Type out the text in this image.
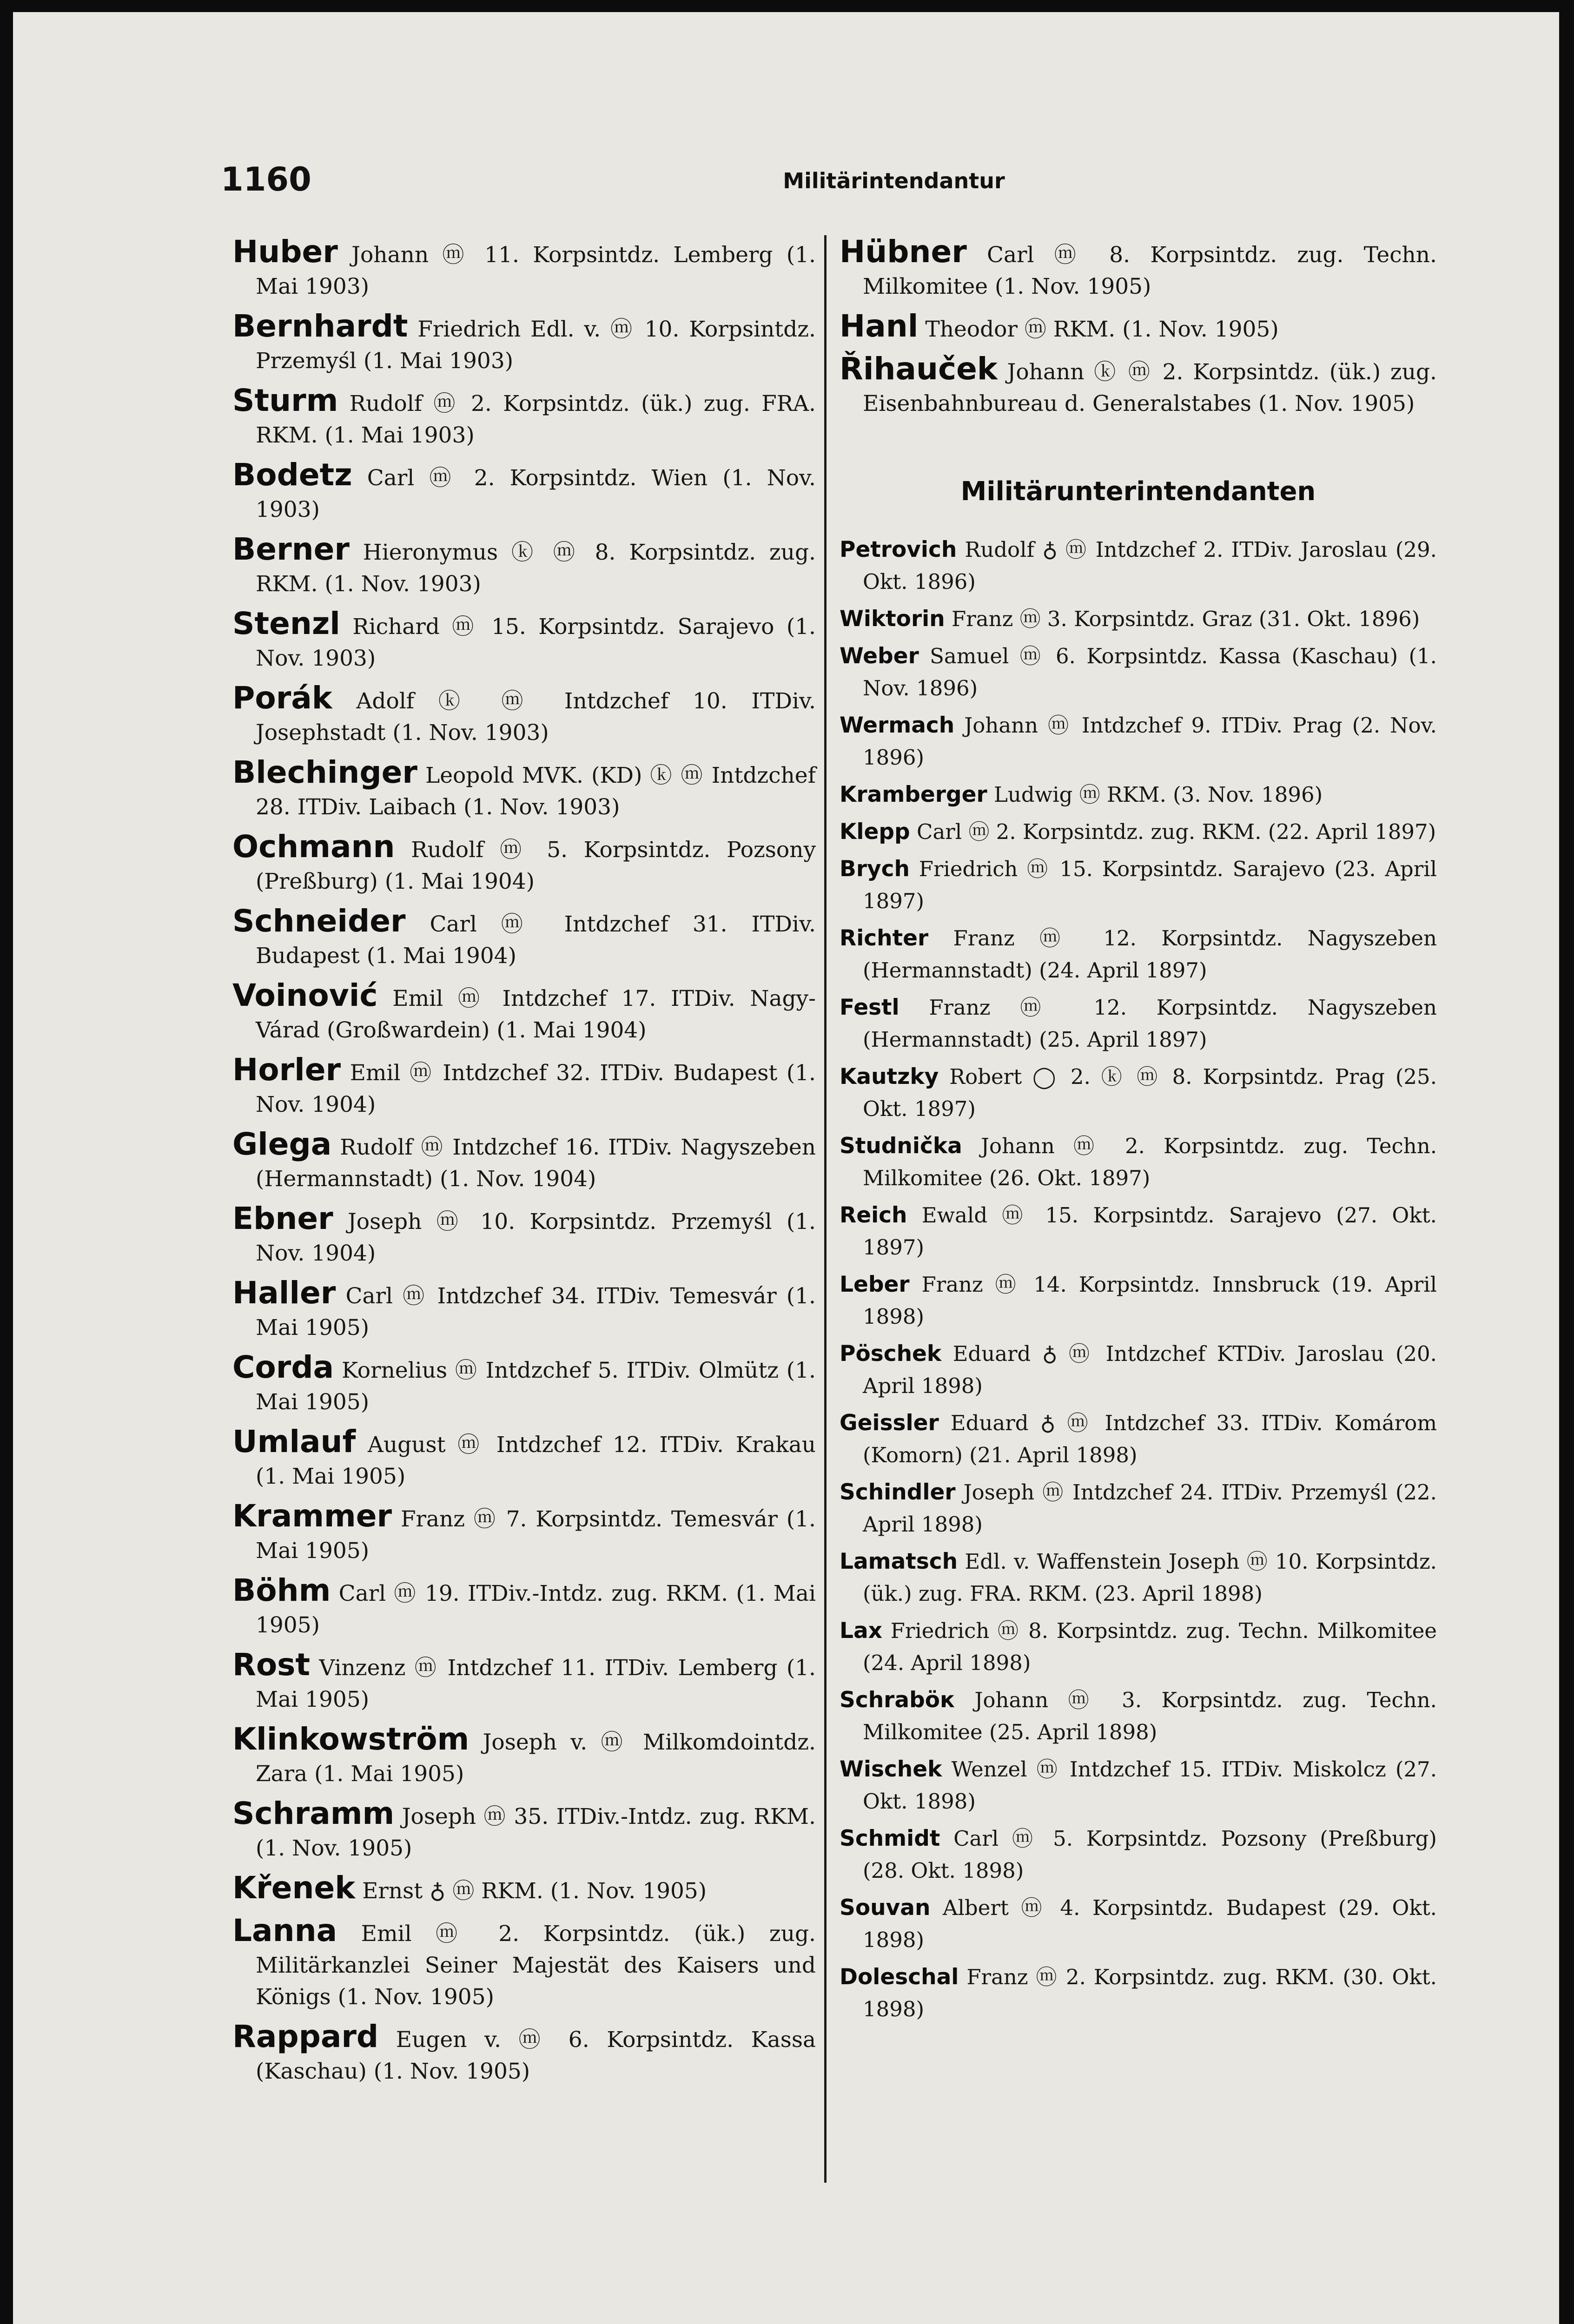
1160	Militärintendantur

Huber Johann ⓜ 11. Korpsintdz. Lemberg (1. Mai 1903)

Bernhardt Friedrich Edl. v. ⓜ 10. Korpsintdz. Przemyśl (1. Mai 1903)

Sturm Rudolf ⓜ 2. Korpsintdz. (ük.) zug. FRA. RKM. (1. Mai 1903)

Bodetz Carl ⓜ 2. Korpsintdz. Wien (1. Nov. 1903)

Berner Hieronymus ⓚ ⓜ 8. Korpsintdz. zug. RKM. (1. Nov. 1903)

Stenzl Richard ⓜ 15. Korpsintdz. Sarajevo (1. Nov. 1903)

Porák Adolf ⓚ ⓜ Intdzchef 10. ITDiv. Josephstadt (1. Nov. 1903)

Blechinger Leopold MVK. (KD) ⓚ ⓜ Intdzchef 28. ITDiv. Laibach (1. Nov. 1903)

Ochmann Rudolf ⓜ 5. Korpsintdz. Pozsony (Preßburg) (1. Mai 1904)

Schneider Carl ⓜ Intdzchef 31. ITDiv. Budapest (1. Mai 1904)

Voinović Emil ⓜ Intdzchef 17. ITDiv. Nagy-Várad (Großwardein) (1. Mai 1904)

Horler Emil ⓜ Intdzchef 32. ITDiv. Budapest (1. Nov. 1904)

Glega Rudolf ⓜ Intdzchef 16. ITDiv. Nagyszeben (Hermannstadt) (1. Nov. 1904)

Ebner Joseph ⓜ 10. Korpsintdz. Przemyśl (1. Nov. 1904)

Haller Carl ⓜ Intdzchef 34. ITDiv. Temesvár (1. Mai 1905)

Corda Kornelius ⓜ Intdzchef 5. ITDiv. Olmütz (1. Mai 1905)

Umlauf August ⓜ Intdzchef 12. ITDiv. Krakau (1. Mai 1905)

Krammer Franz ⓜ 7. Korpsintdz. Temesvár (1. Mai 1905)

Böhm Carl ⓜ 19. ITDiv.-Intdz. zug. RKM. (1. Mai 1905)

Rost Vinzenz ⓜ Intdzchef 11. ITDiv. Lemberg (1. Mai 1905)

Klinkowström Joseph v. ⓜ Milkomdointdz. Zara (1. Mai 1905)

Schramm Joseph ⓜ 35. ITDiv.-Intdz. zug. RKM. (1. Nov. 1905)

Křenek Ernst ♁ ⓜ RKM. (1. Nov. 1905)

Lanna Emil ⓜ 2. Korpsintdz. (ük.) zug. Militärkanzlei Seiner Majestät des Kaisers und Königs (1. Nov. 1905)

Rappard Eugen v. ⓜ 6. Korpsintdz. Kassa (Kaschau) (1. Nov. 1905)

Hübner Carl ⓜ 8. Korpsintdz. zug. Techn. Milkomitee (1. Nov. 1905)

Hanl Theodor ⓜ RKM. (1. Nov. 1905)

Řihauček Johann ⓚ ⓜ 2. Korpsintdz. (ük.) zug. Eisenbahnbureau d. Generalstabes (1. Nov. 1905)

Militärunterintendanten

Petrovich Rudolf ♁ ⓜ Intdzchef 2. ITDiv. Jaroslau (29. Okt. 1896)

Wiktorin Franz ⓜ 3. Korpsintdz. Graz (31. Okt. 1896)

Weber Samuel ⓜ 6. Korpsintdz. Kassa (Kaschau) (1. Nov. 1896)

Wermach Johann ⓜ Intdzchef 9. ITDiv. Prag (2. Nov. 1896)

Kramberger Ludwig ⓜ RKM. (3. Nov. 1896)

Klepp Carl ⓜ 2. Korpsintdz. zug. RKM. (22. April 1897)

Brych Friedrich ⓜ 15. Korpsintdz. Sarajevo (23. April 1897)

Richter Franz ⓜ 12. Korpsintdz. Nagyszeben (Hermannstadt) (24. April 1897)

Festl Franz ⓜ 12. Korpsintdz. Nagyszeben (Hermannstadt) (25. April 1897)

Kautzky Robert ◯ 2. ⓚ ⓜ 8. Korpsintdz. Prag (25. Okt. 1897)

Studnička Johann ⓜ 2. Korpsintdz. zug. Techn. Milkomitee (26. Okt. 1897)

Reich Ewald ⓜ 15. Korpsintdz. Sarajevo (27. Okt. 1897)

Leber Franz ⓜ 14. Korpsintdz. Innsbruck (19. April 1898)

Pöschek Eduard ♁ ⓜ Intdzchef KTDiv. Jaroslau (20. April 1898)

Geissler Eduard ♁ ⓜ Intdzchef 33. ITDiv. Komárom (Komorn) (21. April 1898)

Schindler Joseph ⓜ Intdzchef 24. ITDiv. Przemyśl (22. April 1898)

Lamatsch Edl. v. Waffenstein Joseph ⓜ 10. Korpsintdz. (ük.) zug. FRA. RKM. (23. April 1898)

Lax Friedrich ⓜ 8. Korpsintdz. zug. Techn. Milkomitee (24. April 1898)

Schraböк Johann ⓜ 3. Korpsintdz. zug. Techn. Milkomitee (25. April 1898)

Wischek Wenzel ⓜ Intdzchef 15. ITDiv. Miskolcz (27. Okt. 1898)

Schmidt Carl ⓜ 5. Korpsintdz. Pozsony (Preßburg) (28. Okt. 1898)

Souvan Albert ⓜ 4. Korpsintdz. Budapest (29. Okt. 1898)

Doleschal Franz ⓜ 2. Korpsintdz. zug. RKM. (30. Okt. 1898)
